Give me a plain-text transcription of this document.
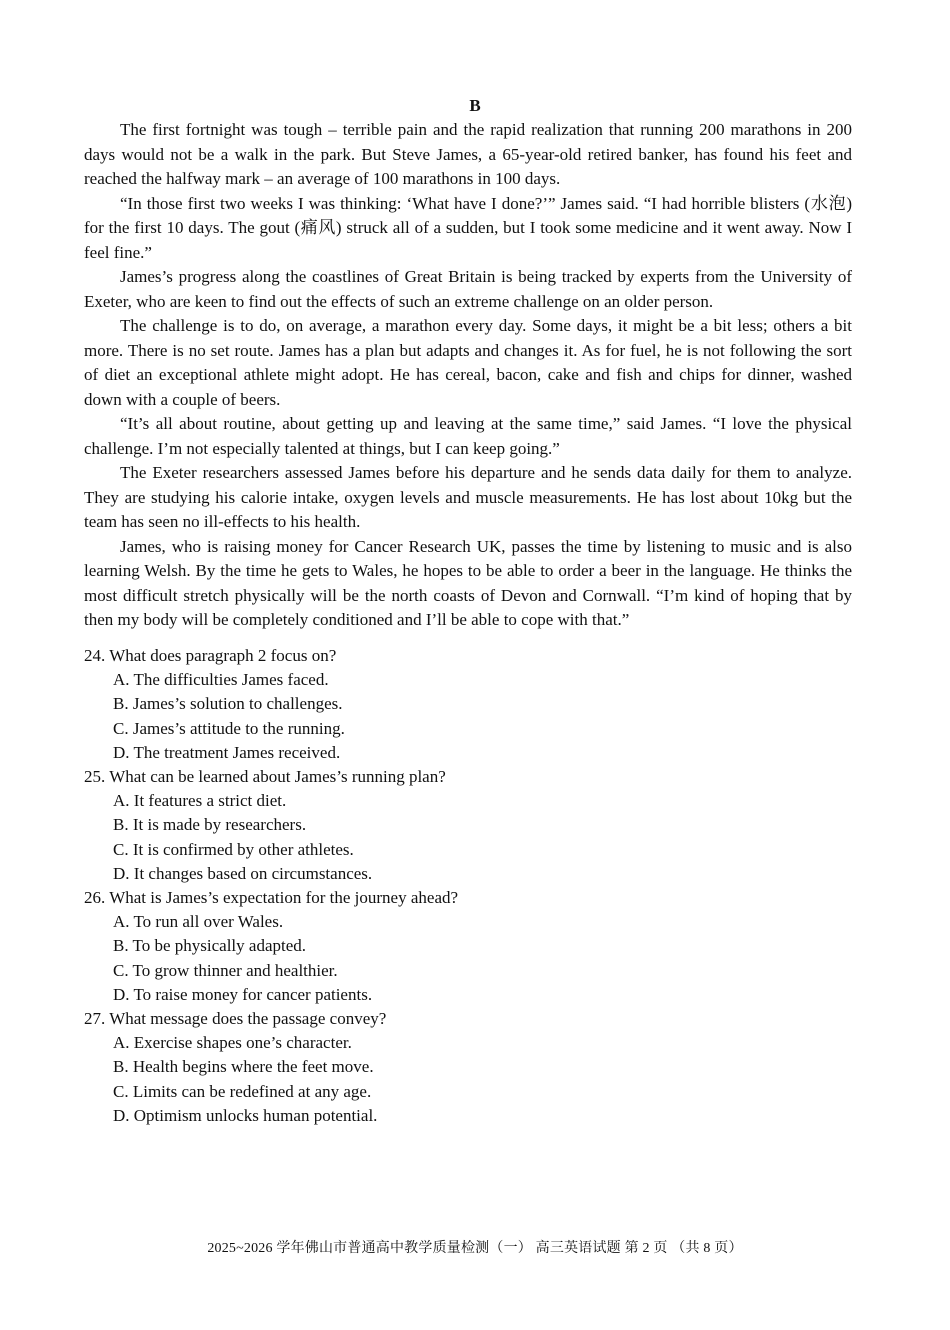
B

The first fortnight was tough – terrible pain and the rapid realization that running 200 marathons in 200 days would not be a walk in the park. But Steve James, a 65-year-old retired banker, has found his feet and reached the halfway mark – an average of 100 marathons in 100 days.

“In those first two weeks I was thinking: ‘What have I done?’” James said. “I had horrible blisters (水泡) for the first 10 days. The gout (痛风) struck all of a sudden, but I took some medicine and it went away. Now I feel fine.”

James’s progress along the coastlines of Great Britain is being tracked by experts from the University of Exeter, who are keen to find out the effects of such an extreme challenge on an older person.

The challenge is to do, on average, a marathon every day. Some days, it might be a bit less; others a bit more. There is no set route. James has a plan but adapts and changes it. As for fuel, he is not following the sort of diet an exceptional athlete might adopt. He has cereal, bacon, cake and fish and chips for dinner, washed down with a couple of beers.

“It’s all about routine, about getting up and leaving at the same time,” said James. “I love the physical challenge. I’m not especially talented at things, but I can keep going.”

The Exeter researchers assessed James before his departure and he sends data daily for them to analyze. They are studying his calorie intake, oxygen levels and muscle measurements. He has lost about 10kg but the team has seen no ill-effects to his health.

James, who is raising money for Cancer Research UK, passes the time by listening to music and is also learning Welsh. By the time he gets to Wales, he hopes to be able to order a beer in the language. He thinks the most difficult stretch physically will be the north coasts of Devon and Cornwall. “I’m kind of hoping that by then my body will be completely conditioned and I’ll be able to cope with that.”

24. What does paragraph 2 focus on?

A. The difficulties James faced.
B. James’s solution to challenges.
C. James’s attitude to the running.
D. The treatment James received.

25. What can be learned about James’s running plan?

A. It features a strict diet.
B. It is made by researchers.
C. It is confirmed by other athletes.
D. It changes based on circumstances.

26. What is James’s expectation for the journey ahead?

A. To run all over Wales.
B. To be physically adapted.
C. To grow thinner and healthier.
D. To raise money for cancer patients.

27. What message does the passage convey?

A. Exercise shapes one’s character.
B. Health begins where the feet move.
C. Limits can be redefined at any age.
D. Optimism unlocks human potential.
2025~2026 学年佛山市普通高中教学质量检测（一） 高三英语试题 第 2 页 （共 8 页）
